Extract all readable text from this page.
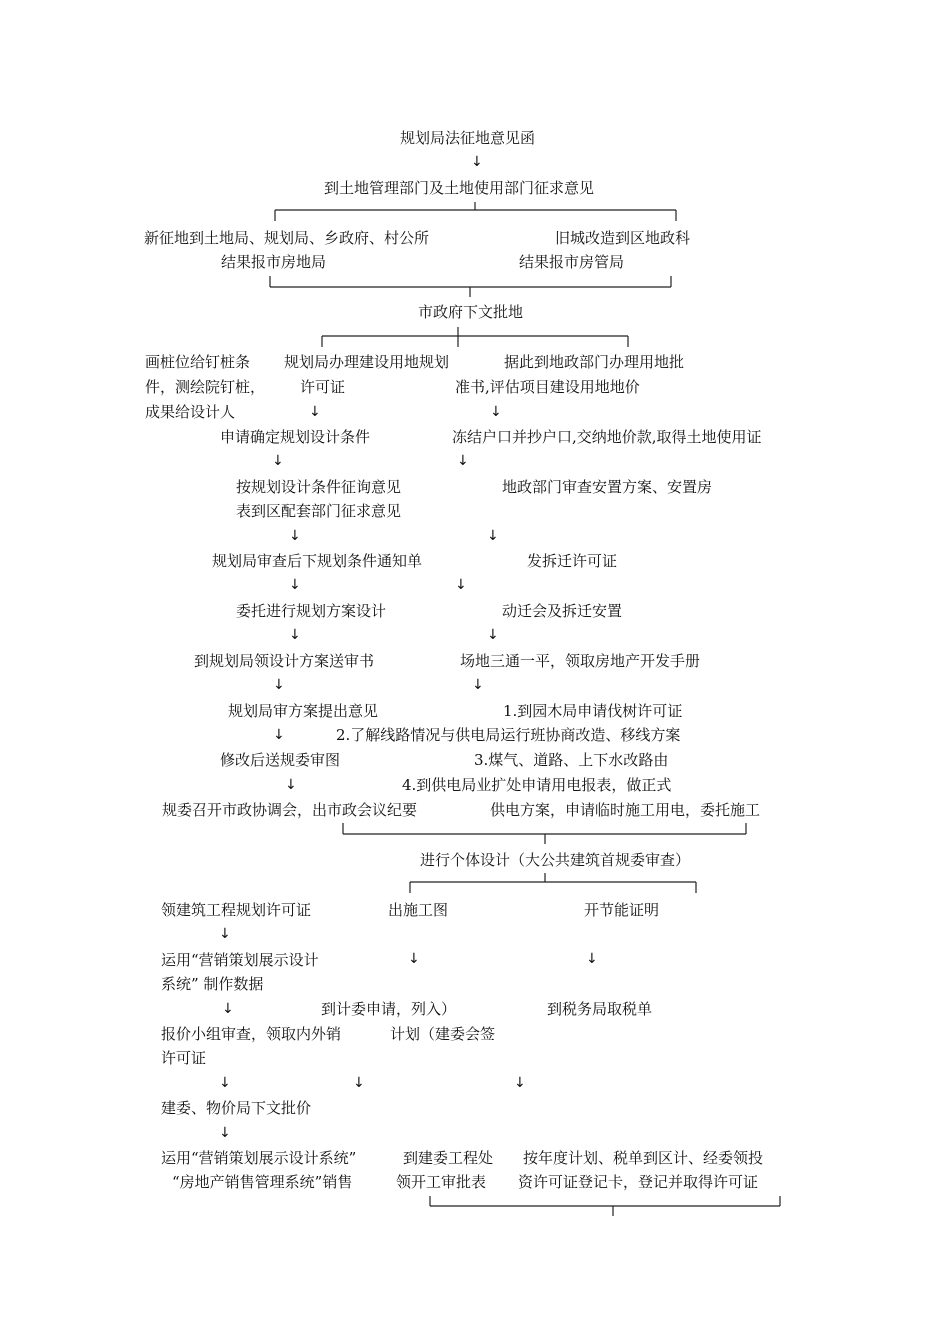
规划局法征地意见函
到土地管理部门及土地使用部门征求意见
新征地到土地局、规划局、乡政府、村公所	旧城改造到区地政科
结果报市房地局	结果报市房管局
市政府下文批地
画桩位给钉桩条 规划局办理建设用地规划	据此到地政部门办理用地批
件，测绘院钉桩， 许可证	准书,评估项目建设用地地价
成果给设计人
申请确定规划设计条件	冻结户口并抄户口,交纳地价款,取得土地使用证
按规划设计条件征询意见	地政部门审查安置方案、安置房
表到区配套部门征求意见
规划局审查后下规划条件通知单	发拆迁许可证
委托进行规划方案设计	动迁会及拆迁安置
到规划局领设计方案送审书	场地三通一平，领取房地产开发手册
规划局审方案提出意见	1.到园木局申请伐树许可证
2.了解线路情况与供电局运行班协商改造、移线方案
修改后送规委审图	3.煤气、道路、上下水改路由
4.到供电局业扩处申请用电报表，做正式
规委召开市政协调会，出市政会议纪要	供电方案，申请临时施工用电，委托施工
进行个体设计（大公共建筑首规委审查）
领建筑工程规划许可证	出施工图	开节能证明
运用“营销策划展示设计
系统” 制作数据
到计委申请，列入）	到税务局取税单
报价小组审查，领取内外销	计划（建委会签
许可证
建委、物价局下文批价
运用“营销策划展示设计系统”	到建委工程处 按年度计划、税单到区计、经委领投
“房地产销售管理系统”销售	领开工审批表 资许可证登记卡，登记并取得许可证
↓
↓	↓
↓	↓
↓	↓
↓	↓
↓	↓
↓	↓
↓
↓
↓
↓	↓
↓
↓	↓	↓
↓
